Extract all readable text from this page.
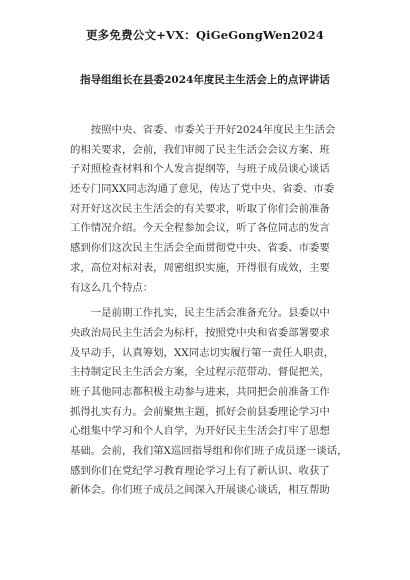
更多免费公文+VX：QiGeGongWen2024
指导组组长在县委2024年度民主生活会上的点评讲话
　　按照中央、省委、市委关于开好2024年度民主生活会
的相关要求，会前，我们审阅了民主生活会会议方案、班
子对照检查材料和个人发言提纲等，与班子成员谈心谈话
还专门同XX同志沟通了意见，传达了党中央、省委、市委
对开好这次民主生活会的有关要求，听取了你们会前准备
工作情况介绍。今天全程参加会议，听了各位同志的发言
感到你们这次民主生活会全面贯彻党中央、省委、市委要
求，高位对标对表，周密组织实施，开得很有成效，主要
有这么几个特点：
　　一是前期工作扎实，民主生活会准备充分。县委以中
央政治局民主生活会为标杆，按照党中央和省委部署要求
及早动手，认真筹划，XX同志切实履行第一责任人职责，
主持制定民主生活会方案，全过程示范带动、督促把关，
班子其他同志都积极主动参与进来，共同把会前准备工作
抓得扎实有力。会前聚焦主题，抓好会前县委理论学习中
心组集中学习和个人自学，为开好民主生活会打牢了思想
基础。会前，我们第X巡回指导组和你们班子成员逐一谈话，
感到你们在党纪学习教育理论学习上有了新认识、收获了
新体会。你们班子成员之间深入开展谈心谈话，相互帮助
